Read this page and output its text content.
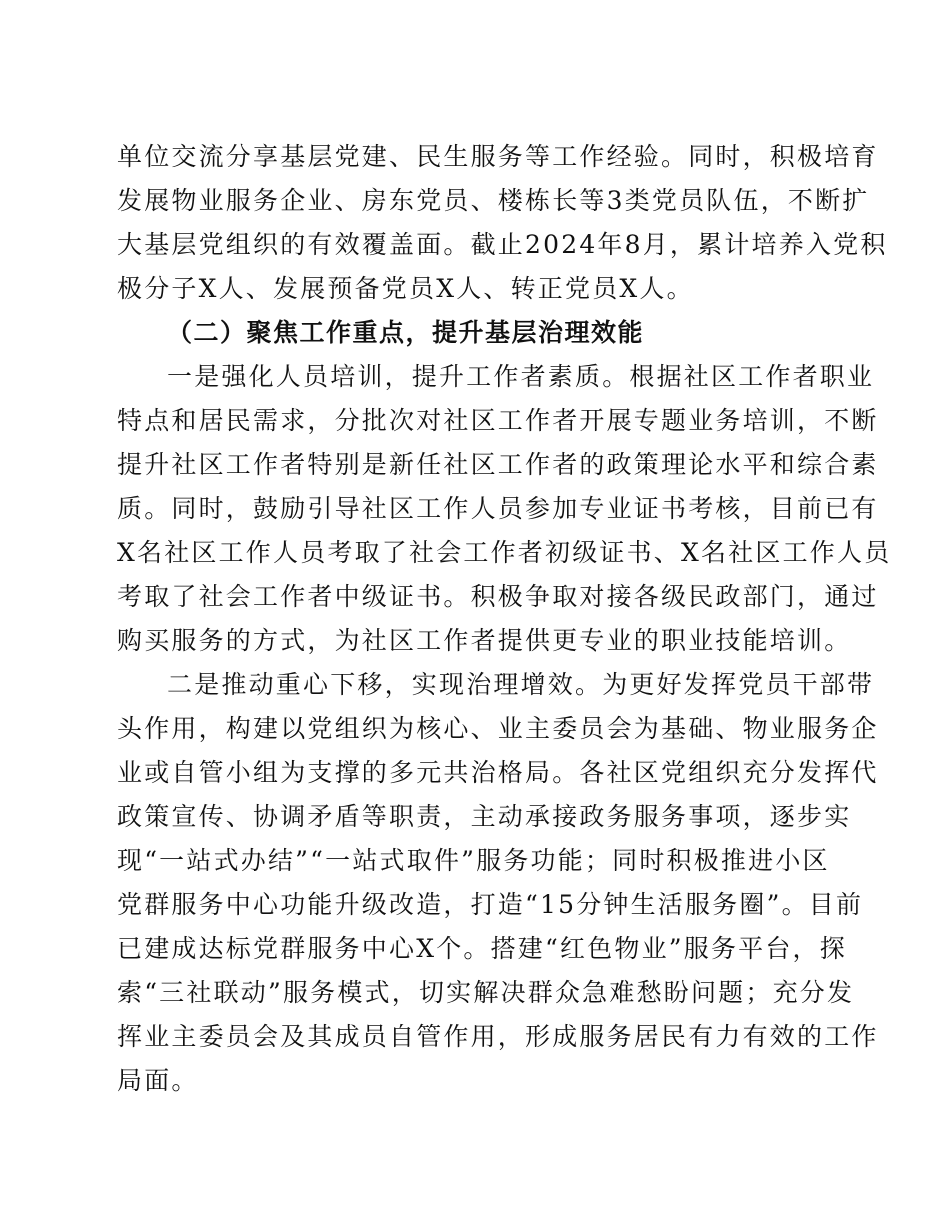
单位交流分享基层党建、民生服务等工作经验。同时，积极培育
发展物业服务企业、房东党员、楼栋长等3类党员队伍，不断扩
大基层党组织的有效覆盖面。截止2024年8月，累计培养入党积
极分子X人、发展预备党员X人、转正党员X人。
（二）聚焦工作重点，提升基层治理效能
一是强化人员培训，提升工作者素质。根据社区工作者职业
特点和居民需求，分批次对社区工作者开展专题业务培训，不断
提升社区工作者特别是新任社区工作者的政策理论水平和综合素
质。同时，鼓励引导社区工作人员参加专业证书考核，目前已有
X名社区工作人员考取了社会工作者初级证书、X名社区工作人员
考取了社会工作者中级证书。积极争取对接各级民政部门，通过
购买服务的方式，为社区工作者提供更专业的职业技能培训。
二是推动重心下移，实现治理增效。为更好发挥党员干部带
头作用，构建以党组织为核心、业主委员会为基础、物业服务企
业或自管小组为支撑的多元共治格局。各社区党组织充分发挥代
政策宣传、协调矛盾等职责，主动承接政务服务事项，逐步实
现“一站式办结”“一站式取件”服务功能；同时积极推进小区
党群服务中心功能升级改造，打造“15分钟生活服务圈”。目前
已建成达标党群服务中心X个。搭建“红色物业”服务平台，探
索“三社联动”服务模式，切实解决群众急难愁盼问题；充分发
挥业主委员会及其成员自管作用，形成服务居民有力有效的工作
局面。
